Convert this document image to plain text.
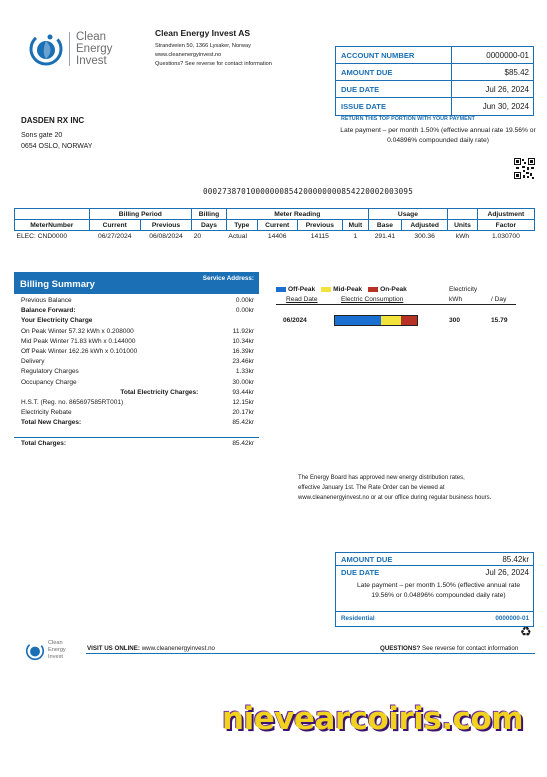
Clean
Energy
Invest
Clean Energy Invest AS
Strandveien 50, 1366 Lysaker, Norway
www.cleanenergyinvest.no
Questions? See reverse for contact information
ACCOUNT NUMBER	0000000-01
AMOUNT DUE	$85.42
DUE DATE	Jul 26, 2024
ISSUE DATE	Jun 30, 2024
RETURN THIS TOP PORTION WITH YOUR PAYMENT
Late payment – per month 1.50% (effective annual rate 19.56% or 0.04896% compounded daily rate)
DASDEN RX INC
Sons gate 20
0654 OSLO, NORWAY
00027387010000000854200000000854220002003095
	Billing Period		Billing	Meter Reading				Usage			Adjustment
MeterNumber	Current	Previous	Days	Type	Current	Previous	Mult	Base	Adjusted	Units	Factor
ELEC: CND0000	06/27/2024	06/08/2024	20	Actual	14406	14115	1	291.41	300.36	kWh	1.030700
Billing Summary
Service Address:
Previous Balance	0.00kr
Balance Forward:	0.00kr
Your Electricity Charge
On Peak Winter 57.32 kWh x 0.208000	11.92kr
Mid Peak Winter 71.83 kWh x 0.144000	10.34kr
Off Peak Winter 162.26 kWh x 0.101000	16.39kr
Delivery	23.46kr
Regulatory Charges	1.33kr
Occupancy Charge	30.00kr
Total Electricity Charges:	93.44kr
H.S.T. (Reg. no. 865697585RT001)	12.15kr
Electricity Rebate	20.17kr
Total New Charges:	85.42kr
Total Charges:	85.42kr
Off-Peak	Mid-Peak	On-Peak	Electricity
Read Date	Electric Consumption	kWh	/ Day
06/2024	300	15.79
The Energy Board has approved new energy distribution rates,
effective January 1st. The Rate Order can be viewed at
www.cleanenergyinvest.no or at our office during regular business hours.
AMOUNT DUE	85.42kr
DUE DATE	Jul 26, 2024
Late payment – per month 1.50% (effective annual rate 19.56% or 0.04896% compounded daily rate)
Residential	0000000-01
♻
Clean
Energy
Invest
VISIT US ONLINE: www.cleanenergyinvest.no	QUESTIONS? See reverse for contact information
nievearcoiris.com
